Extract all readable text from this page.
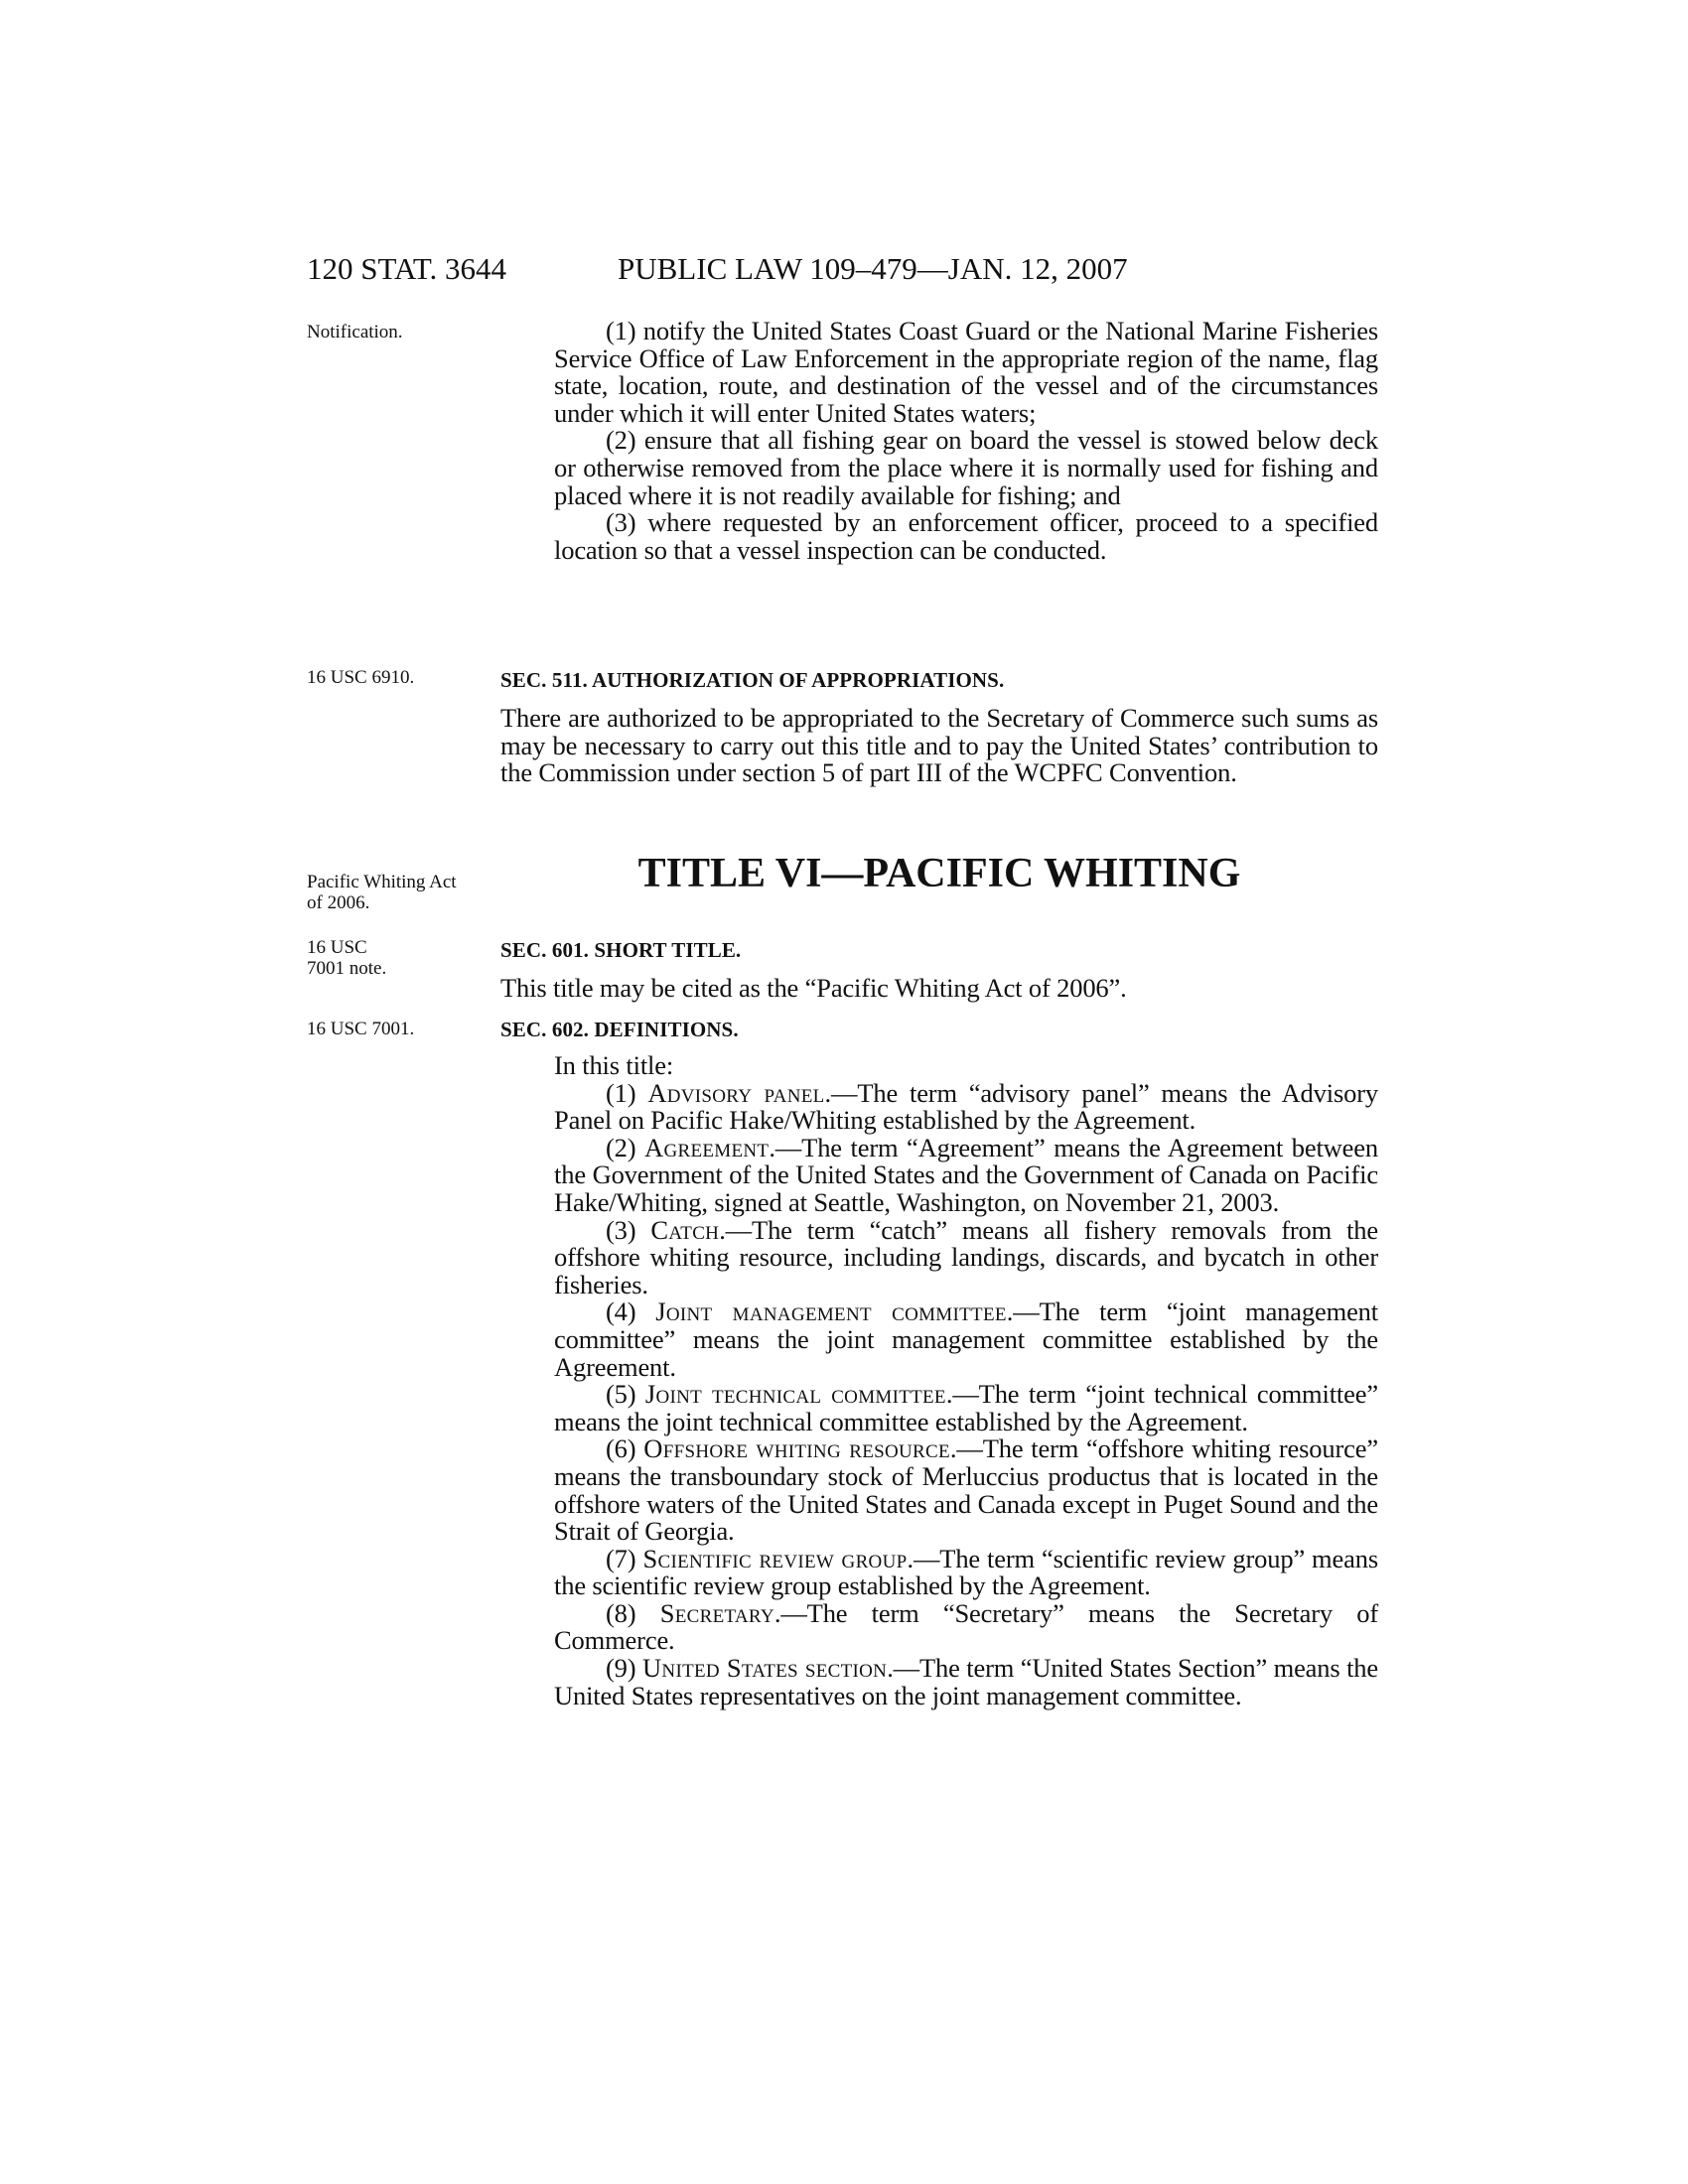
120 STAT. 3644	PUBLIC LAW 109–479—JAN. 12, 2007
Notification.
16 USC 6910.
Pacific Whiting Act of 2006.
16 USC 7001 note.
16 USC 7001.

(1) notify the United States Coast Guard or the National Marine Fisheries Service Office of Law Enforcement in the appropriate region of the name, flag state, location, route, and destination of the vessel and of the circumstances under which it will enter United States waters;

(2) ensure that all fishing gear on board the vessel is stowed below deck or otherwise removed from the place where it is normally used for fishing and placed where it is not readily available for fishing; and

(3) where requested by an enforcement officer, proceed to a specified location so that a vessel inspection can be conducted.

SEC. 511. AUTHORIZATION OF APPROPRIATIONS.

There are authorized to be appropriated to the Secretary of Commerce such sums as may be necessary to carry out this title and to pay the United States’ contribution to the Commission under section 5 of part III of the WCPFC Convention.

TITLE VI—PACIFIC WHITING

SEC. 601. SHORT TITLE.

This title may be cited as the “Pacific Whiting Act of 2006”.

SEC. 602. DEFINITIONS.

In this title:

(1) Advisory panel.—The term “advisory panel” means the Advisory Panel on Pacific Hake/Whiting established by the Agreement.

(2) Agreement.—The term “Agreement” means the Agreement between the Government of the United States and the Government of Canada on Pacific Hake/Whiting, signed at Seattle, Washington, on November 21, 2003.

(3) Catch.—The term “catch” means all fishery removals from the offshore whiting resource, including landings, discards, and bycatch in other fisheries.

(4) Joint management committee.—The term “joint management committee” means the joint management committee established by the Agreement.

(5) Joint technical committee.—The term “joint technical committee” means the joint technical committee established by the Agreement.

(6) Offshore whiting resource.—The term “offshore whiting resource” means the transboundary stock of Merluccius productus that is located in the offshore waters of the United States and Canada except in Puget Sound and the Strait of Georgia.

(7) Scientific review group.—The term “scientific review group” means the scientific review group established by the Agreement.

(8) Secretary.—The term “Secretary” means the Secretary of Commerce.

(9) United States section.—The term “United States Section” means the United States representatives on the joint management committee.
